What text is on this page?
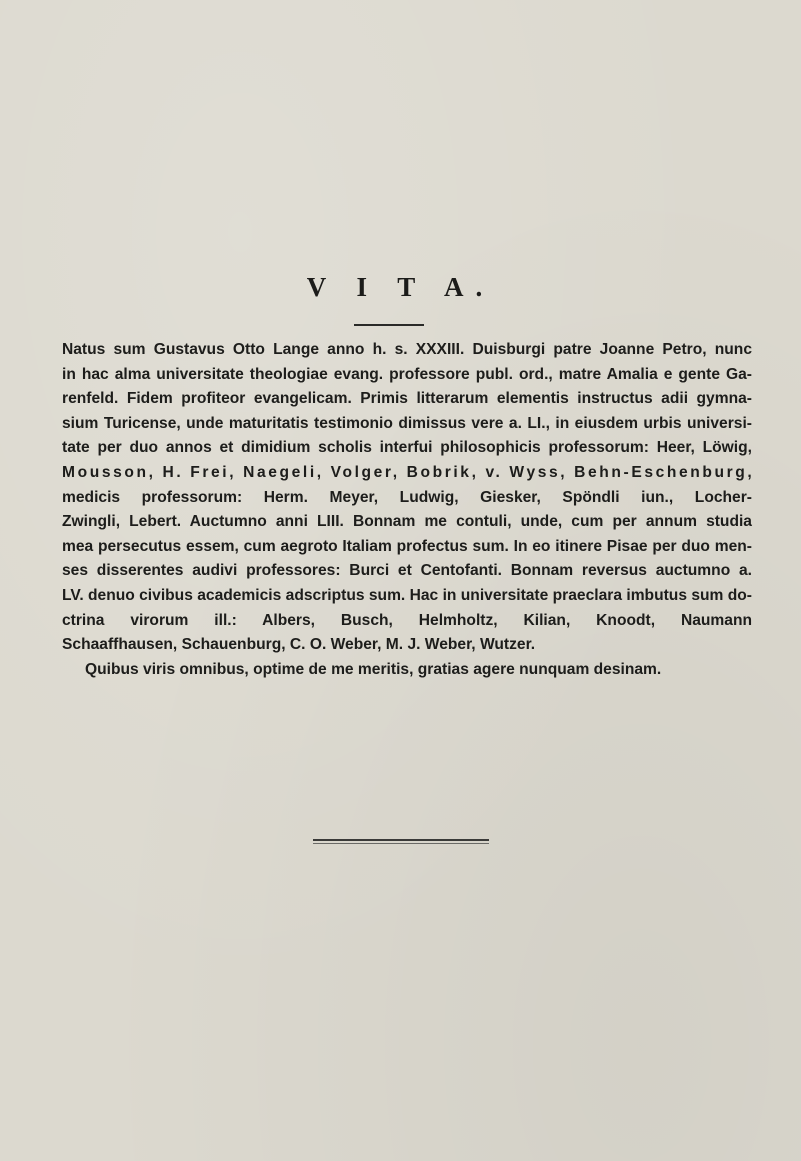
V I T A.
Natus sum Gustavus Otto Lange anno h. s. XXXIII. Duisburgi patre Joanne Petro, nunc
in hac alma universitate theologiae evang. professore publ. ord., matre Amalia e gente Ga-
renfeld. Fidem profiteor evangelicam. Primis litterarum elementis instructus adii gymna-
sium Turicense, unde maturitatis testimonio dimissus vere a. LI., in eiusdem urbis universi-
tate per duo annos et dimidium scholis interfui philosophicis professorum: Heer, Löwig,
Mousson, H. Frei, Naegeli, Volger, Bobrik, v. Wyss, Behn-Eschenburg,
medicis professorum: Herm. Meyer, Ludwig, Giesker, Spöndli iun., Locher-
Zwingli, Lebert. Auctumno anni LIII. Bonnam me contuli, unde, cum per annum studia
mea persecutus essem, cum aegroto Italiam profectus sum. In eo itinere Pisae per duo men-
ses disserentes audivi professores: Burci et Centofanti. Bonnam reversus auctumno a.
LV. denuo civibus academicis adscriptus sum. Hac in universitate praeclara imbutus sum do-
ctrina virorum ill.: Albers, Busch, Helmholtz, Kilian, Knoodt, Naumann
Schaaffhausen, Schauenburg, C. O. Weber, M. J. Weber, Wutzer.
Quibus viris omnibus, optime de me meritis, gratias agere nunquam desinam.
